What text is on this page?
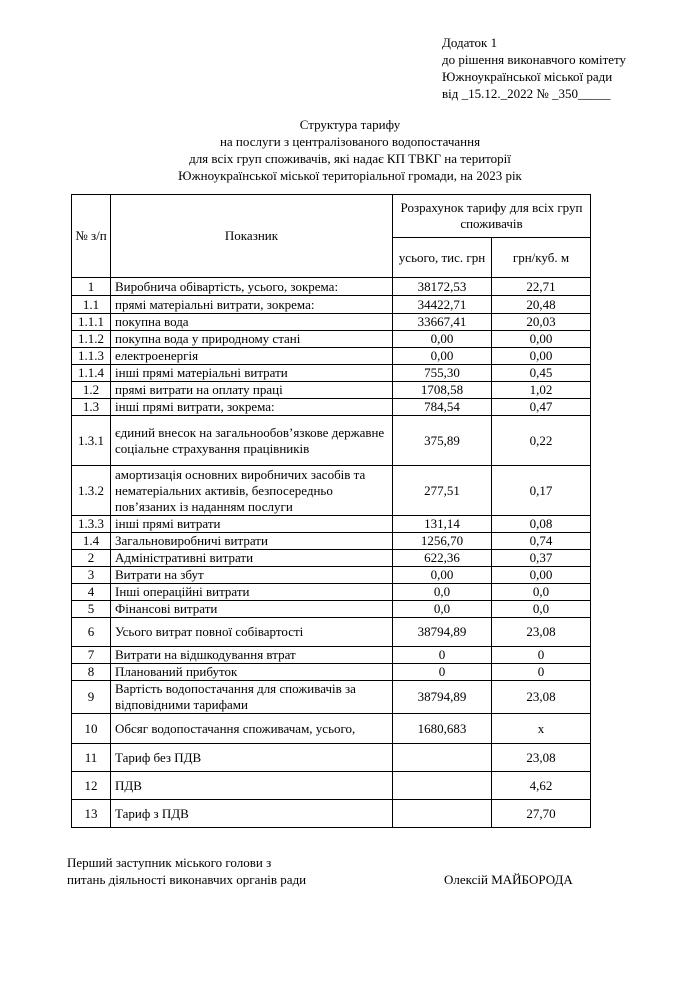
Додаток 1
до рішення виконавчого комітету
Южноукраїнської міської ради
від _15.12._2022 № _350_____
Структура тарифу
на послуги з централізованого водопостачання
для всіх груп споживачів, які надає КП ТВКГ на території
Южноукраїнської міської територіальної громади, на 2023 рік
№ з/п	Показник	Розрахунок тарифу для всіх груп споживачів	
		усього, тис. грн	грн/куб. м
1	Виробнича обівартість, усього, зокрема:	38172,53	22,71
1.1	прямі матеріальні витрати, зокрема:	34422,71	20,48
1.1.1	покупна вода	33667,41	20,03
1.1.2	покупна вода у природному стані	0,00	0,00
1.1.3	електроенергія	0,00	0,00
1.1.4	інші прямі матеріальні витрати	755,30	0,45
1.2	прямі витрати на оплату праці	1708,58	1,02
1.3	інші прямі витрати, зокрема:	784,54	0,47
1.3.1	єдиний внесок на загальнообов’язкове державне соціальне страхування працівників	375,89	0,22
1.3.2	амортизація основних виробничих засобів та нематеріальних активів, безпосередньо пов’язаних із наданням послуги	277,51	0,17
1.3.3	інші прямі витрати	131,14	0,08
1.4	Загальновиробничі витрати	1256,70	0,74
2	Адміністративні витрати	622,36	0,37
3	Витрати на збут	0,00	0,00
4	Інші операційні витрати	0,0	0,0
5	Фінансові витрати	0,0	0,0
6	Усього витрат повної собівартості	38794,89	23,08
7	Витрати на відшкодування втрат	0	0
8	Планований прибуток	0	0
9	Вартість водопостачання для споживачів за відповідними тарифами	38794,89	23,08
10	Обсяг водопостачання споживачам, усього,	1680,683	х
11	Тариф без ПДВ		23,08
12	ПДВ		4,62
13	Тариф з ПДВ		27,70
Перший заступник міського голови з
питань діяльності виконавчих органів ради	Олексій МАЙБОРОДА
